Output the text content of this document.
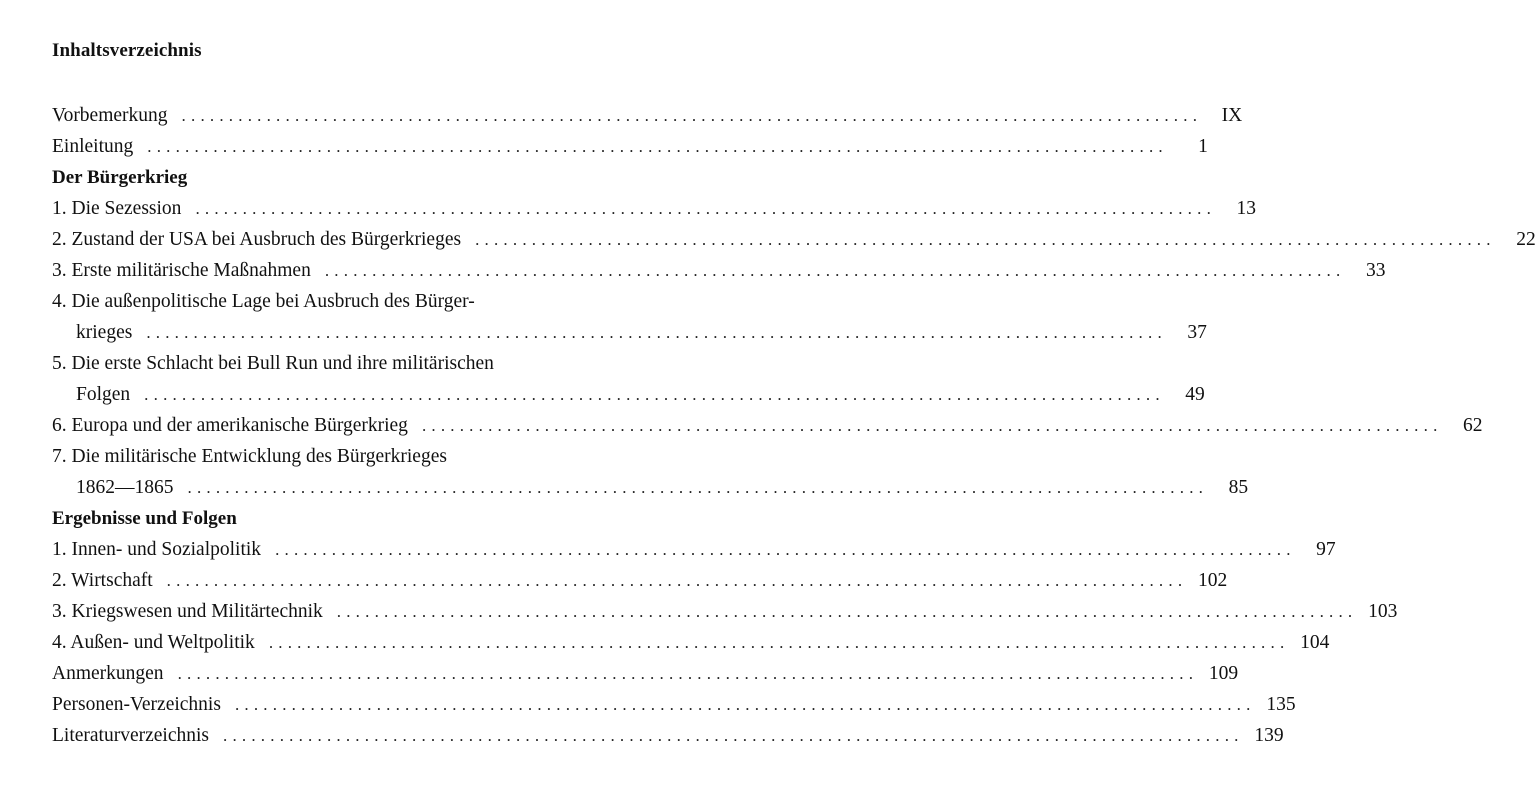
Inhaltsverzeichnis
Vorbemerkung ............................................................................................................ IX
Einleitung ............................................................................................................	1
Der Bürgerkrieg
1. Die Sezession ............................................................................................................	13
2. Zustand der USA bei Ausbruch des Bürgerkrieges ............................................................................................................	22
3. Erste militärische Maßnahmen ............................................................................................................	33
4. Die außenpolitische Lage bei Ausbruch des Bürger-
krieges ............................................................................................................	37
5. Die erste Schlacht bei Bull Run und ihre militärischen
Folgen ............................................................................................................	49
6. Europa und der amerikanische Bürgerkrieg ............................................................................................................	62
7. Die militärische Entwicklung des Bürgerkrieges
1862—1865 ............................................................................................................	85
Ergebnisse und Folgen
1. Innen- und Sozialpolitik ............................................................................................................	97
2. Wirtschaft ............................................................................................................ 102
3. Kriegswesen und Militärtechnik ............................................................................................................ 103
4. Außen- und Weltpolitik ............................................................................................................ 104
Anmerkungen ............................................................................................................ 109
Personen-Verzeichnis ............................................................................................................ 135
Literaturverzeichnis ............................................................................................................ 139
